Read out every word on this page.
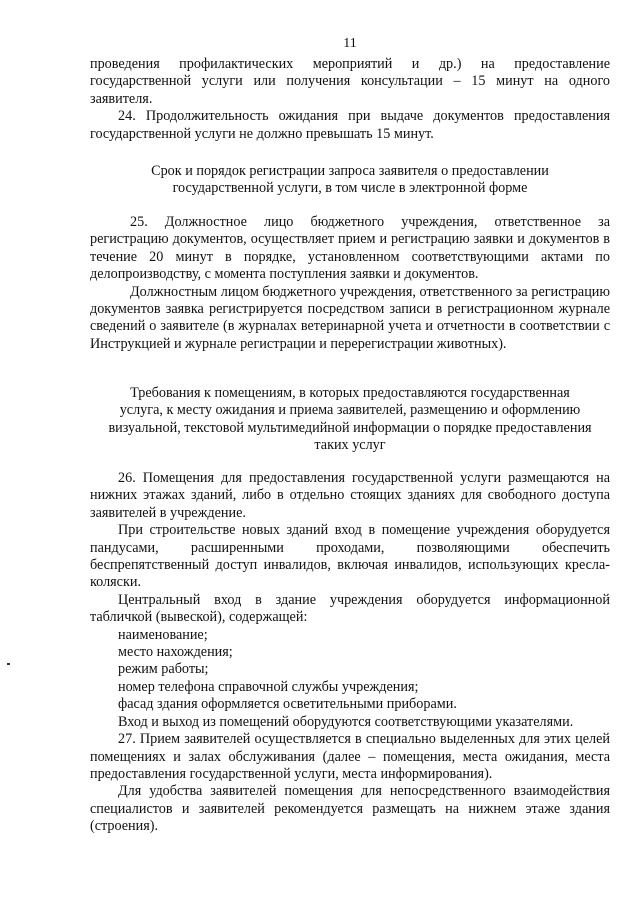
11

проведения профилактических мероприятий и др.) на предоставление государственной услуги или получения консультации – 15 минут на одного заявителя.

24. Продолжительность ожидания при выдаче документов предоставления государственной услуги не должно превышать 15 минут.

Срок и порядок регистрации запроса заявителя о предоставлении

государственной услуги, в том числе в электронной форме

25. Должностное лицо бюджетного учреждения, ответственное за регистрацию документов, осуществляет прием и регистрацию заявки и документов в течение 20 минут в порядке, установленном соответствующими актами по делопроизводству, с момента поступления заявки и документов.

Должностным лицом бюджетного учреждения, ответственного за регистрацию документов заявка регистрируется посредством записи в регистрационном журнале сведений о заявителе (в журналах ветеринарной учета и отчетности в соответствии с Инструкцией и журнале регистрации и перерегистрации животных).

Требования к помещениям, в которых предоставляются государственная

услуга, к месту ожидания и приема заявителей, размещению и оформлению

визуальной, текстовой мультимедийной информации о порядке предоставления

таких услуг

26. Помещения для предоставления государственной услуги размещаются на нижних этажах зданий, либо в отдельно стоящих зданиях для свободного доступа заявителей в учреждение.

При строительстве новых зданий вход в помещение учреждения оборудуется пандусами, расширенными проходами, позволяющими обеспечить беспрепятственный доступ инвалидов, включая инвалидов, использующих кресла-коляски.

Центральный вход в здание учреждения оборудуется информационной табличкой (вывеской), содержащей:

наименование;
место нахождения;
режим работы;
номер телефона справочной службы учреждения;
фасад здания оформляется осветительными приборами.

Вход и выход из помещений оборудуются соответствующими указателями.

27. Прием заявителей осуществляется в специально выделенных для этих целей помещениях и залах обслуживания (далее – помещения, места ожидания, места предоставления государственной услуги, места информирования).

Для удобства заявителей помещения для непосредственного взаимодействия специалистов и заявителей рекомендуется размещать на нижнем этаже здания (строения).
